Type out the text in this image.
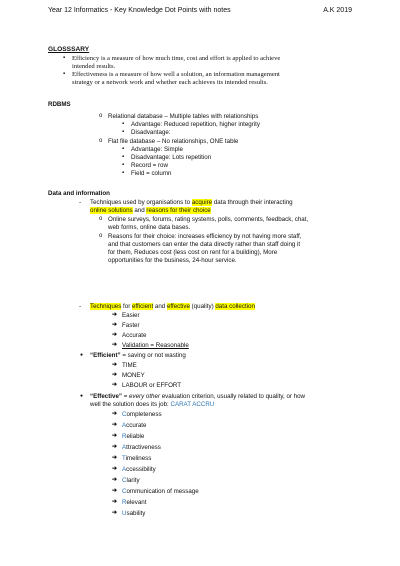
Year 12 Informatics - Key Knowledge Dot Points with notes	A.K 2019
GLOSSSARY
▪ Efficiency is a measure of how much time, cost and effort is applied to achieve
intended results.
▪ Effectiveness is a measure of how well a solution, an information management
strategy or a network work and whether each achieves its intended results.
RDBMS
o Relational database – Multiple tables with relationships
▪ Advantage: Reduced repetition, higher integrity
▪ Disadvantage:
o Flat file database – No relationships, ONE table
▪ Advantage: Simple
▪ Disadvantage: Lots repetition
▪ Record = row
▪ Field = column
Data and information
- Techniques used by organisations to acquire data through their interacting
online solutions and reasons for their choice
o Online surveys, forums, rating systems, polls, comments, feedback, chat,
web forms, online data bases.
o Reasons for their choice: increases efficiency by not having more staff,
and that customers can enter the data directly rather than staff doing it
for them, Reduces cost (less cost on rent for a building), More
opportunities for the business, 24-hour service.
- Techniques for efficient and effective (quality) data collection
➔ Easier
➔ Faster
➔ Accurate
➔ Validation = Reasonable
● “Efficient” = saving or not wasting
➔ TIME
➔ MONEY
➔ LABOUR or EFFORT
● “Effective” = every other evaluation criterion, usually related to quality, or how
well the solution does its job: CARAT ACCRU
➔ Completeness
➔ Accurate
➔ Reliable
➔ Attractiveness
➔ Timeliness
➔ Accessibility
➔ Clarity
➔ Communication of message
➔ Relevant
➔ Usability
